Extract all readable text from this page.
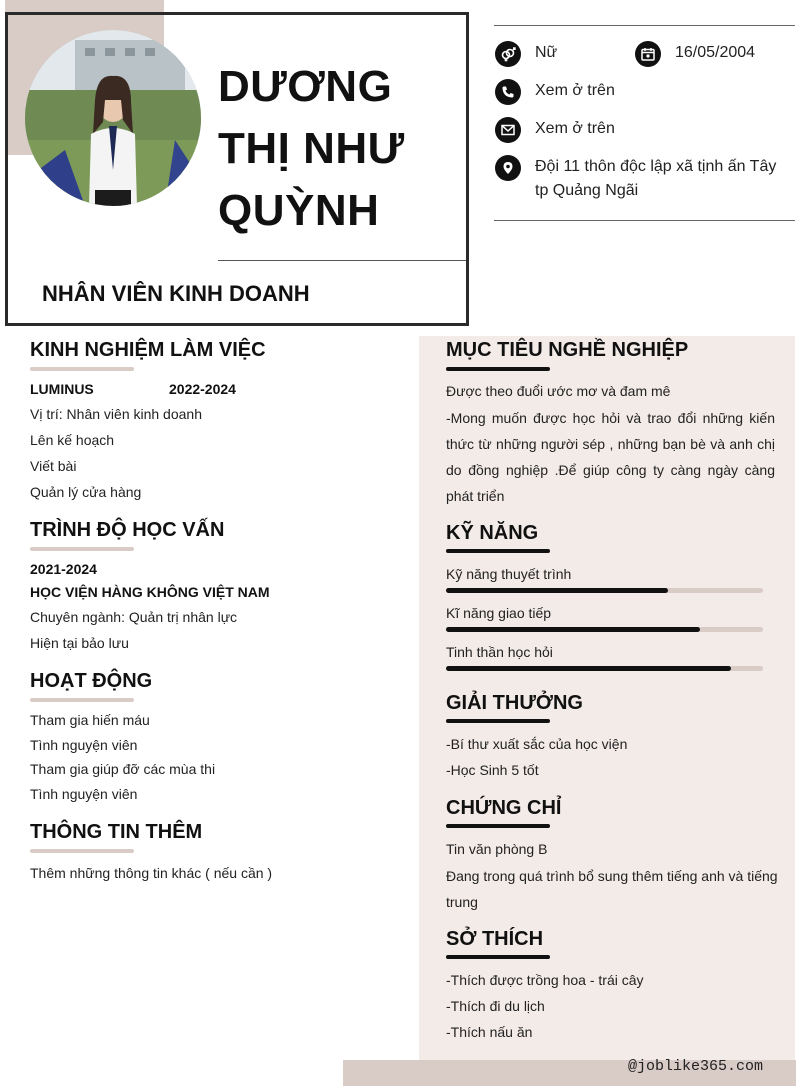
DƯƠNG
THỊ NHƯ
QUỲNH
NHÂN VIÊN KINH DOANH
Nữ	16/05/2004
Xem ở trên
Xem ở trên
Đội 11 thôn độc lập xã tịnh ấn Tây
tp Quảng Ngãi
KINH NGHIỆM LÀM VIỆC
LUMINUS	2022-2024
Vị trí: Nhân viên kinh doanh
Lên kế hoạch
Viết bài
Quản lý cửa hàng
TRÌNH ĐỘ HỌC VẤN
2021-2024
HỌC VIỆN HÀNG KHÔNG VIỆT NAM
Chuyên ngành: Quản trị nhân lực
Hiện tại bảo lưu
HOẠT ĐỘNG
Tham gia hiến máu
Tình nguyện viên
Tham gia giúp đỡ các mùa thi
Tình nguyện viên
THÔNG TIN THÊM
Thêm những thông tin khác ( nếu cần )
MỤC TIÊU NGHỀ NGHIỆP
Được theo đuổi ước mơ và đam mê
-Mong muốn được học hỏi và trao đổi những kiến thức từ những người sép , những bạn bè và anh chị do đồng nghiệp .Để giúp công ty càng ngày càng phát triển
KỸ NĂNG
Kỹ năng thuyết trình
Kĩ năng giao tiếp
Tinh thần học hỏi
GIẢI THƯỞNG
-Bí thư xuất sắc của học viện
-Học Sinh 5 tốt
CHỨNG CHỈ
Tin văn phòng B
Đang trong quá trình bổ sung thêm tiếng anh và tiếng trung
SỞ THÍCH
-Thích được trồng hoa - trái cây
-Thích đi du lịch
-Thích nấu ăn
@joblike365.com
